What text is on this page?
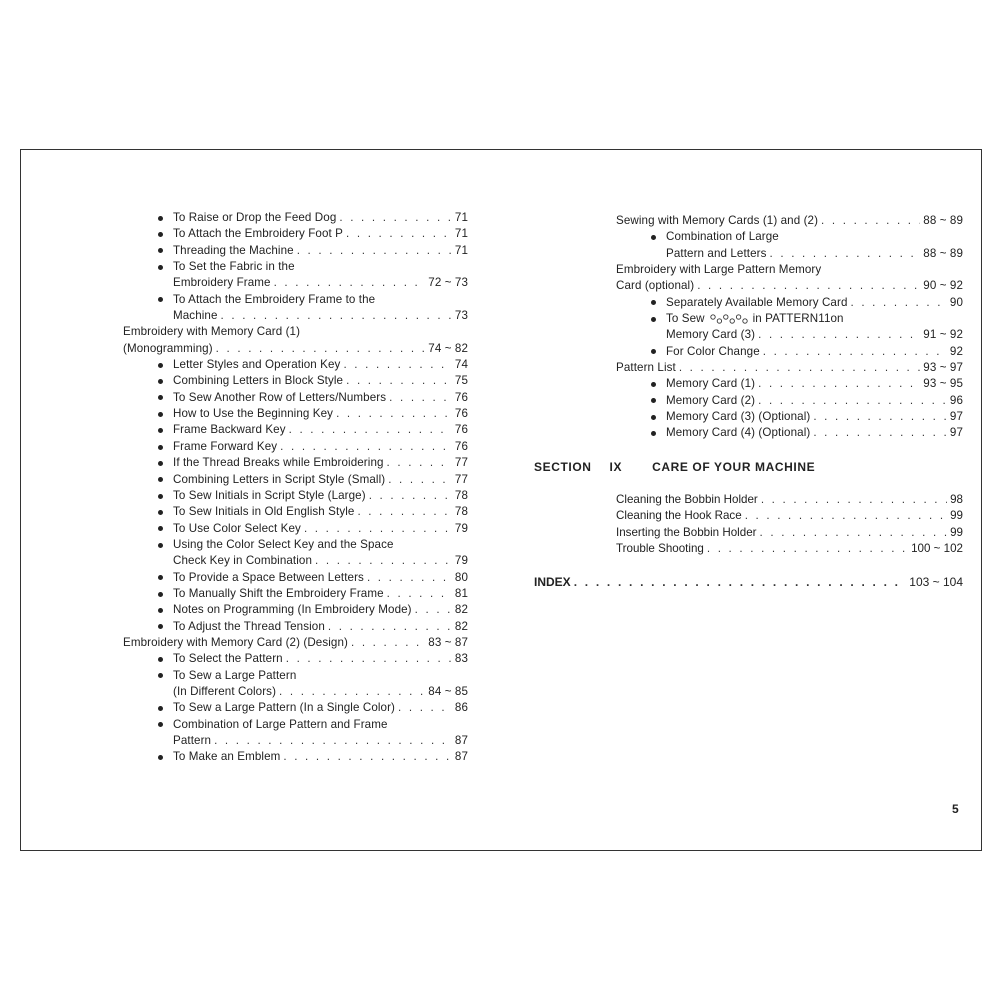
To Raise or Drop the Feed Dog . . .	71
To Attach the Embroidery Foot P . . .	71
Threading the Machine . . .	71
To Set the Fabric in the
Embroidery Frame . . .	72 ~ 73
To Attach the Embroidery Frame to the
Machine . . .	73
Embroidery with Memory Card (1)
(Monogramming) . . .	74 ~ 82
Letter Styles and Operation Key . . .	74
Combining Letters in Block Style . . .	75
To Sew Another Row of Letters/Numbers . . .	76
How to Use the Beginning Key . . .	76
Frame Backward Key . . .	76
Frame Forward Key . . .	76
If the Thread Breaks while Embroidering . . .	77
Combining Letters in Script Style (Small) . . .	77
To Sew Initials in Script Style (Large) . . .	78
To Sew Initials in Old English Style . . .	78
To Use Color Select Key . . .	79
Using the Color Select Key and the Space
Check Key in Combination . . .	79
To Provide a Space Between Letters . . .	80
To Manually Shift the Embroidery Frame . . .	81
Notes on Programming (In Embroidery Mode) . . .	82
To Adjust the Thread Tension . . .	82
Embroidery with Memory Card (2) (Design) . . .	83 ~ 87
To Select the Pattern . . .	83
To Sew a Large Pattern
(In Different Colors) . . .	84 ~ 85
To Sew a Large Pattern (In a Single Color) . . .	86
Combination of Large Pattern and Frame
Pattern . . .	87
To Make an Emblem . . .	87
Sewing with Memory Cards (1) and (2) . . .	88 ~ 89
Combination of Large
Pattern and Letters . . .	88 ~ 89
Embroidery with Large Pattern Memory
Card (optional) . . .	90 ~ 92
Separately Available Memory Card . . .	90
To Sew	in PATTERN11on
Memory Card (3) . . .	91 ~ 92
For Color Change . . .	92
Pattern List . . .	93 ~ 97
Memory Card (1) . . .	93 ~ 95
Memory Card (2) . . .	96
Memory Card (3) (Optional) . . .	97
Memory Card (4) (Optional) . . .	97
SECTION IX	CARE OF YOUR MACHINE
Cleaning the Bobbin Holder . . .	98
Cleaning the Hook Race . . .	99
Inserting the Bobbin Holder . . .	99
Trouble Shooting . . .	100 ~ 102
INDEX . . .	103 ~ 104
5
